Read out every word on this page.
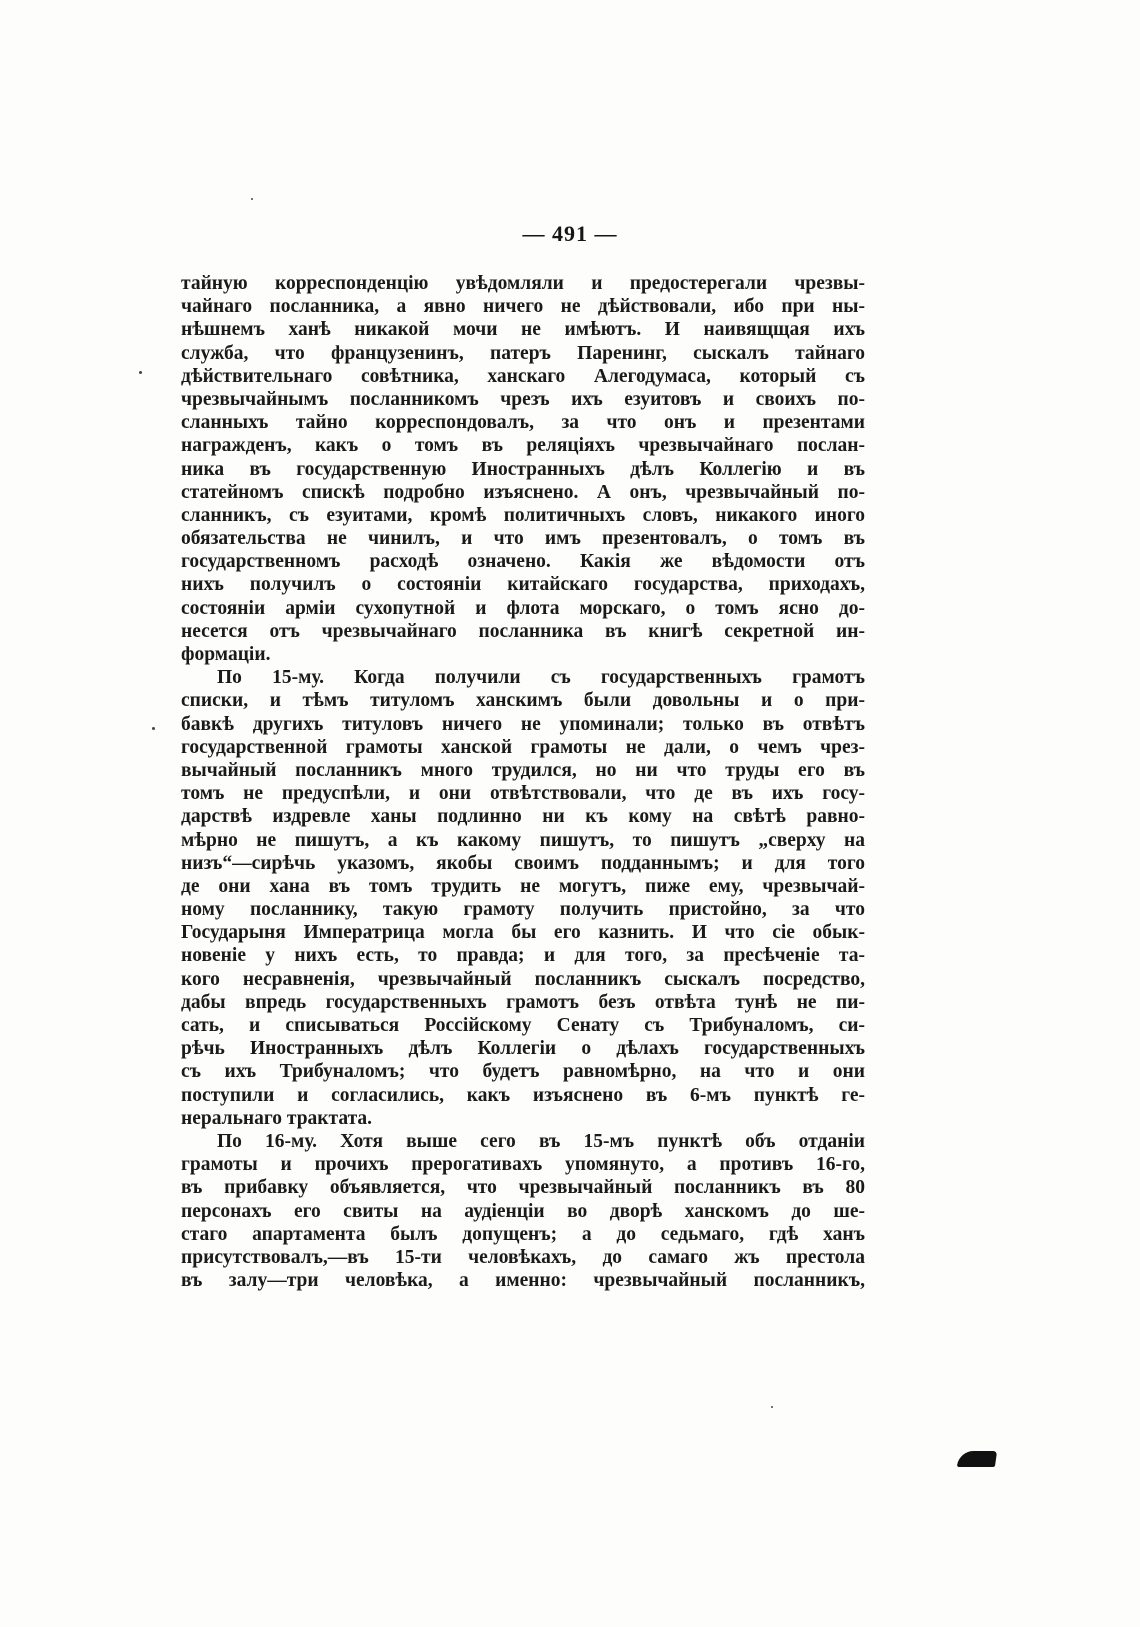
— 491 —
тайную корреспонденцію увѣдомляли и предостерегали чрезвы-
чайнаго посланника, а явно ничего не дѣйствовали, ибо при ны-
нѣшнемъ ханѣ никакой мочи не имѣютъ. И наивящщая ихъ
служба, что французенинъ, патеръ Паренинг, сыскалъ тайнаго
дѣйствительнаго совѣтника, ханскаго Алегодумаса, который съ
чрезвычайнымъ посланникомъ чрезъ ихъ езуитовъ и своихъ по-
сланныхъ тайно корреспондовалъ, за что онъ и презентами
награжденъ, какъ о томъ въ реляціяхъ чрезвычайнаго послан-
ника въ государственную Иностранныхъ дѣлъ Коллегію и въ
статейномъ спискѣ подробно изъяснено. А онъ, чрезвычайный по-
сланникъ, съ езуитами, кромѣ политичныхъ словъ, никакого иного
обязательства не чинилъ, и что имъ презентовалъ, о томъ въ
государственномъ расходѣ означено. Какія же вѣдомости отъ
нихъ получилъ о состояніи китайскаго государства, приходахъ,
состояніи арміи сухопутной и флота морскаго, о томъ ясно до-
несется отъ чрезвычайнаго посланника въ книгѣ секретной ин-
формаціи.
По 15-му. Когда получили съ государственныхъ грамотъ
списки, и тѣмъ титуломъ ханскимъ были довольны и о при-
бавкѣ другихъ титуловъ ничего не упоминали; только въ отвѣтъ
государственной грамоты ханской грамоты не дали, о чемъ чрез-
вычайный посланникъ много трудился, но ни что труды его въ
томъ не предуспѣли, и они отвѣтствовали, что де въ ихъ госу-
дарствѣ издревле ханы подлинно ни къ кому на свѣтѣ равно-
мѣрно не пишутъ, а къ какому пишутъ, то пишутъ „сверху на
низъ“—сирѣчь указомъ, якобы своимъ подданнымъ; и для того
де они хана въ томъ трудить не могутъ, пиже ему, чрезвычай-
ному посланнику, такую грамоту получить пристойно, за что
Государыня Императрица могла бы его казнить. И что сіе обык-
новеніе у нихъ есть, то правда; и для того, за пресѣченіе та-
кого несравненія, чрезвычайный посланникъ сыскалъ посредство,
дабы впредь государственныхъ грамотъ безъ отвѣта тунѣ не пи-
сать, и списываться Россійскому Сенату съ Трибуналомъ, си-
рѣчь Иностранныхъ дѣлъ Коллегіи о дѣлахъ государственныхъ
съ ихъ Трибуналомъ; что будетъ равномѣрно, на что и они
поступили и согласились, какъ изъяснено въ 6-мъ пунктѣ ге-
неральнаго трактата.
По 16-му. Хотя выше сего въ 15-мъ пунктѣ объ отданіи
грамоты и прочихъ прерогативахъ упомянуто, а противъ 16-го,
въ прибавку объявляется, что чрезвычайный посланникъ въ 80
персонахъ его свиты на аудіенціи во дворѣ ханскомъ до ше-
стаго апартамента былъ допущенъ; а до седьмаго, гдѣ ханъ
присутствовалъ,—въ 15-ти человѣкахъ, до самаго жъ престола
въ залу—три человѣка, а именно: чрезвычайный посланникъ,
